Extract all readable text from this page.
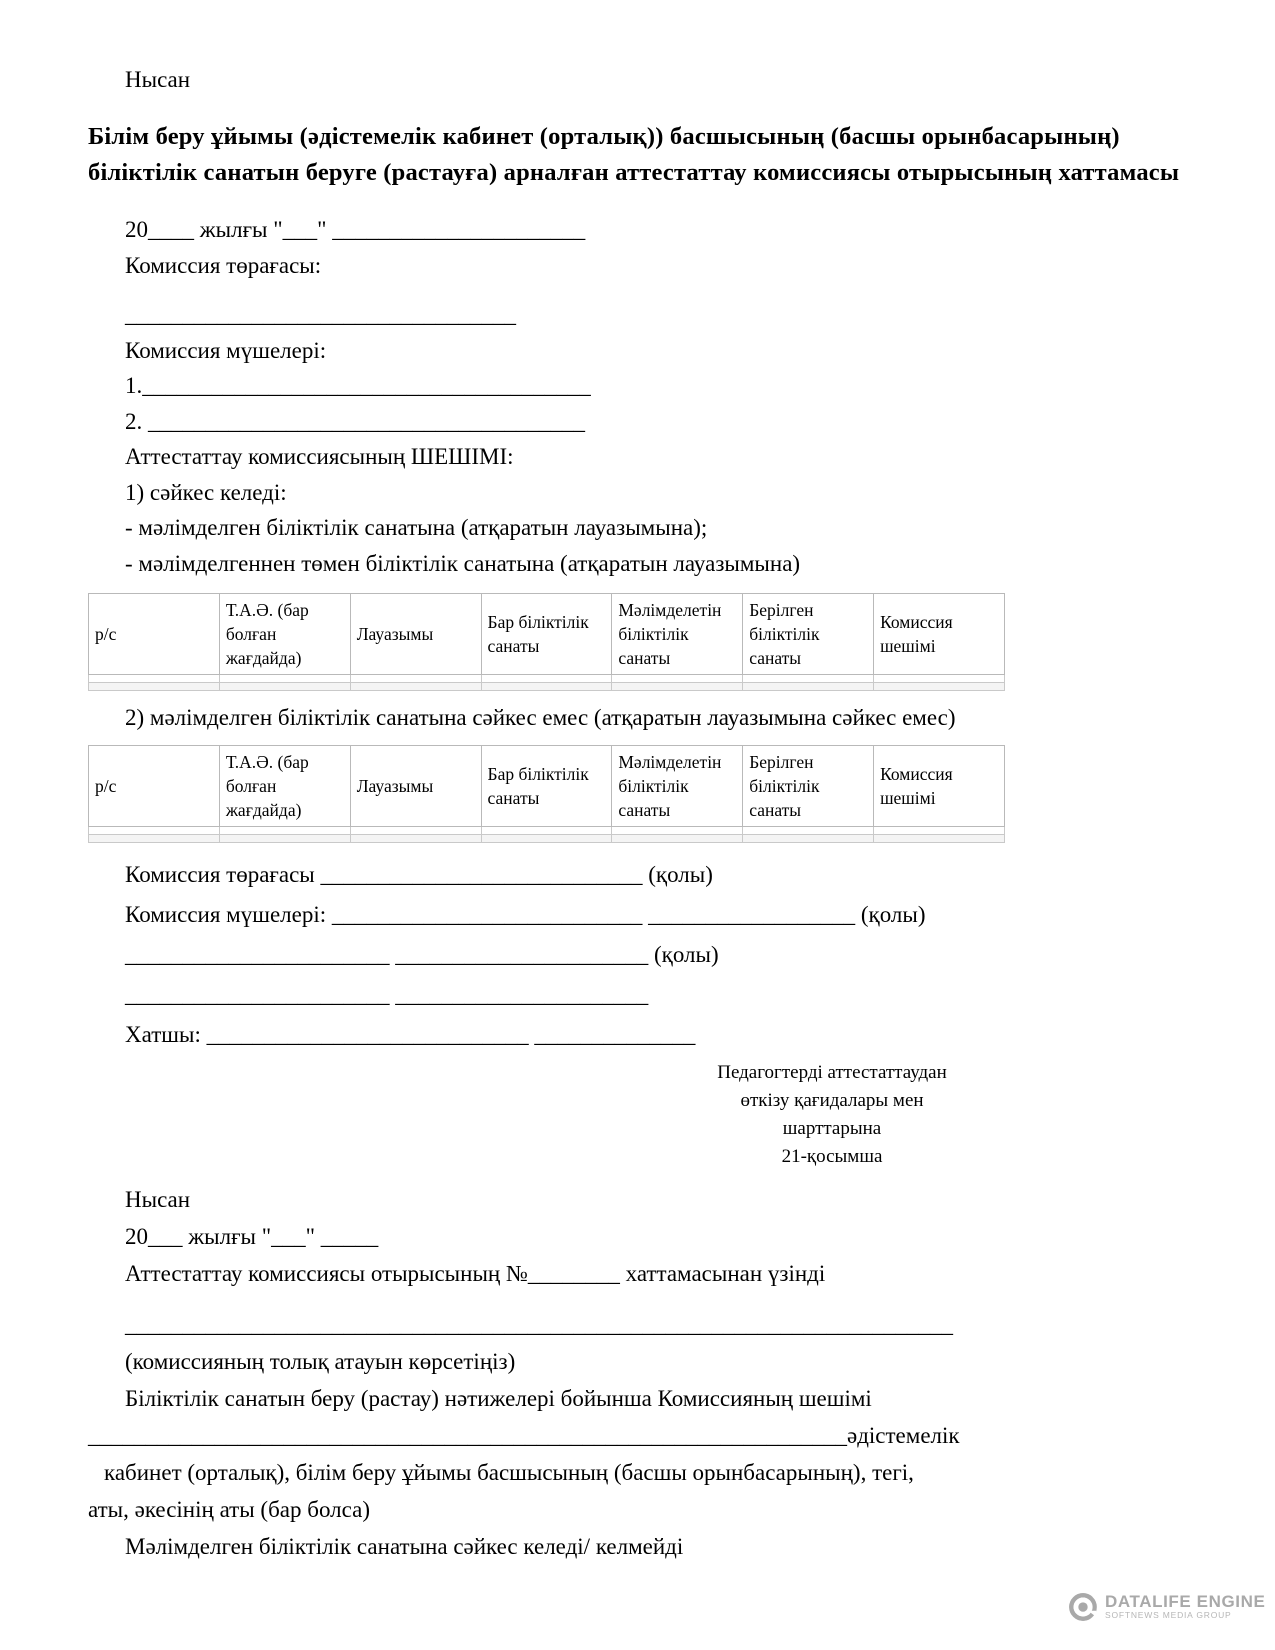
Нысан
Білім беру ұйымы (әдістемелік кабинет (орталық)) басшысының (басшы орынбасарының) біліктілік санатын беруге (растауға) арналған аттестаттау комиссиясы отырысының хаттамасы
20____ жылғы "___" ______________________
Комиссия төрағасы:
__________________________________
Комиссия мүшелері:
1._______________________________________
2. ______________________________________
Аттестаттау комиссиясының ШЕШІМІ:
1) сәйкес келеді:
- мәлімделген біліктілік санатына (атқаратын лауазымына);
- мәлімделгеннен төмен біліктілік санатына (атқаратын лауазымына)
р/с	Т.А.Ә. (бар болған жағдайда)	Лауазымы	Бар біліктілік санаты	Мәлімделетін біліктілік санаты	Берілген біліктілік санаты	Комиссия шешімі

2) мәлімделген біліктілік санатына сәйкес емес (атқаратын лауазымына сәйкес емес)
р/с	Т.А.Ә. (бар болған жағдайда)	Лауазымы	Бар біліктілік санаты	Мәлімделетін біліктілік санаты	Берілген біліктілік санаты	Комиссия шешімі

Комиссия төрағасы ____________________________ (қолы)
Комиссия мүшелері: ___________________________ __________________ (қолы)
_______________________ ______________________ (қолы)
_______________________ ______________________
Хатшы: ____________________________ ______________
Педагогтерді аттестаттаудан
өткізу қағидалары мен
шарттарына
21-қосымша
Нысан
20___ жылғы "___" _____
Аттестаттау комиссиясы отырысының №________ хаттамасынан үзінді
________________________________________________________________________
(комиссияның толық атауын көрсетіңіз)
Біліктілік санатын беру (растау) нәтижелері бойынша Комиссияның шешімі
__________________________________________________________________әдістемелік
кабинет (орталық), білім беру ұйымы басшысының (басшы орынбасарының), тегі,
аты, әкесінің аты (бар болса)
Мәлімделген біліктілік санатына сәйкес келеді/ келмейді
DATALIFE ENGINE
SOFTNEWS MEDIA GROUP
